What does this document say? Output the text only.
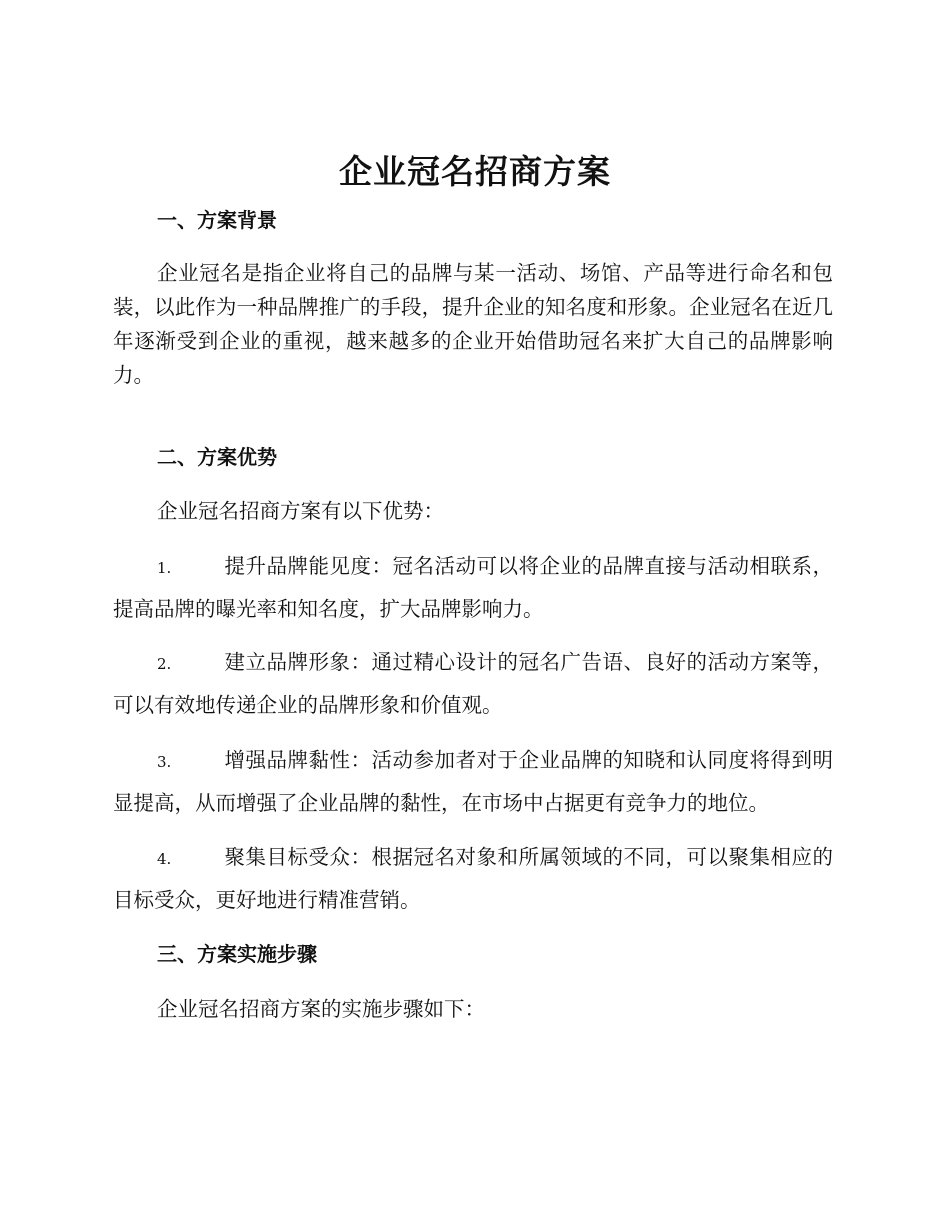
企业冠名招商方案
一、方案背景

企业冠名是指企业将自己的品牌与某一活动、场馆、产品等进行命名和包装，以此作为一种品牌推广的手段，提升企业的知名度和形象。企业冠名在近几年逐渐受到企业的重视，越来越多的企业开始借助冠名来扩大自己的品牌影响力。

二、方案优势

企业冠名招商方案有以下优势：

1.	提升品牌能见度：冠名活动可以将企业的品牌直接与活动相联系，提高品牌的曝光率和知名度，扩大品牌影响力。

2.	建立品牌形象：通过精心设计的冠名广告语、良好的活动方案等，可以有效地传递企业的品牌形象和价值观。

3.	增强品牌黏性：活动参加者对于企业品牌的知晓和认同度将得到明显提高，从而增强了企业品牌的黏性，在市场中占据更有竞争力的地位。

4.	聚集目标受众：根据冠名对象和所属领域的不同，可以聚集相应的目标受众，更好地进行精准营销。

三、方案实施步骤

企业冠名招商方案的实施步骤如下：
